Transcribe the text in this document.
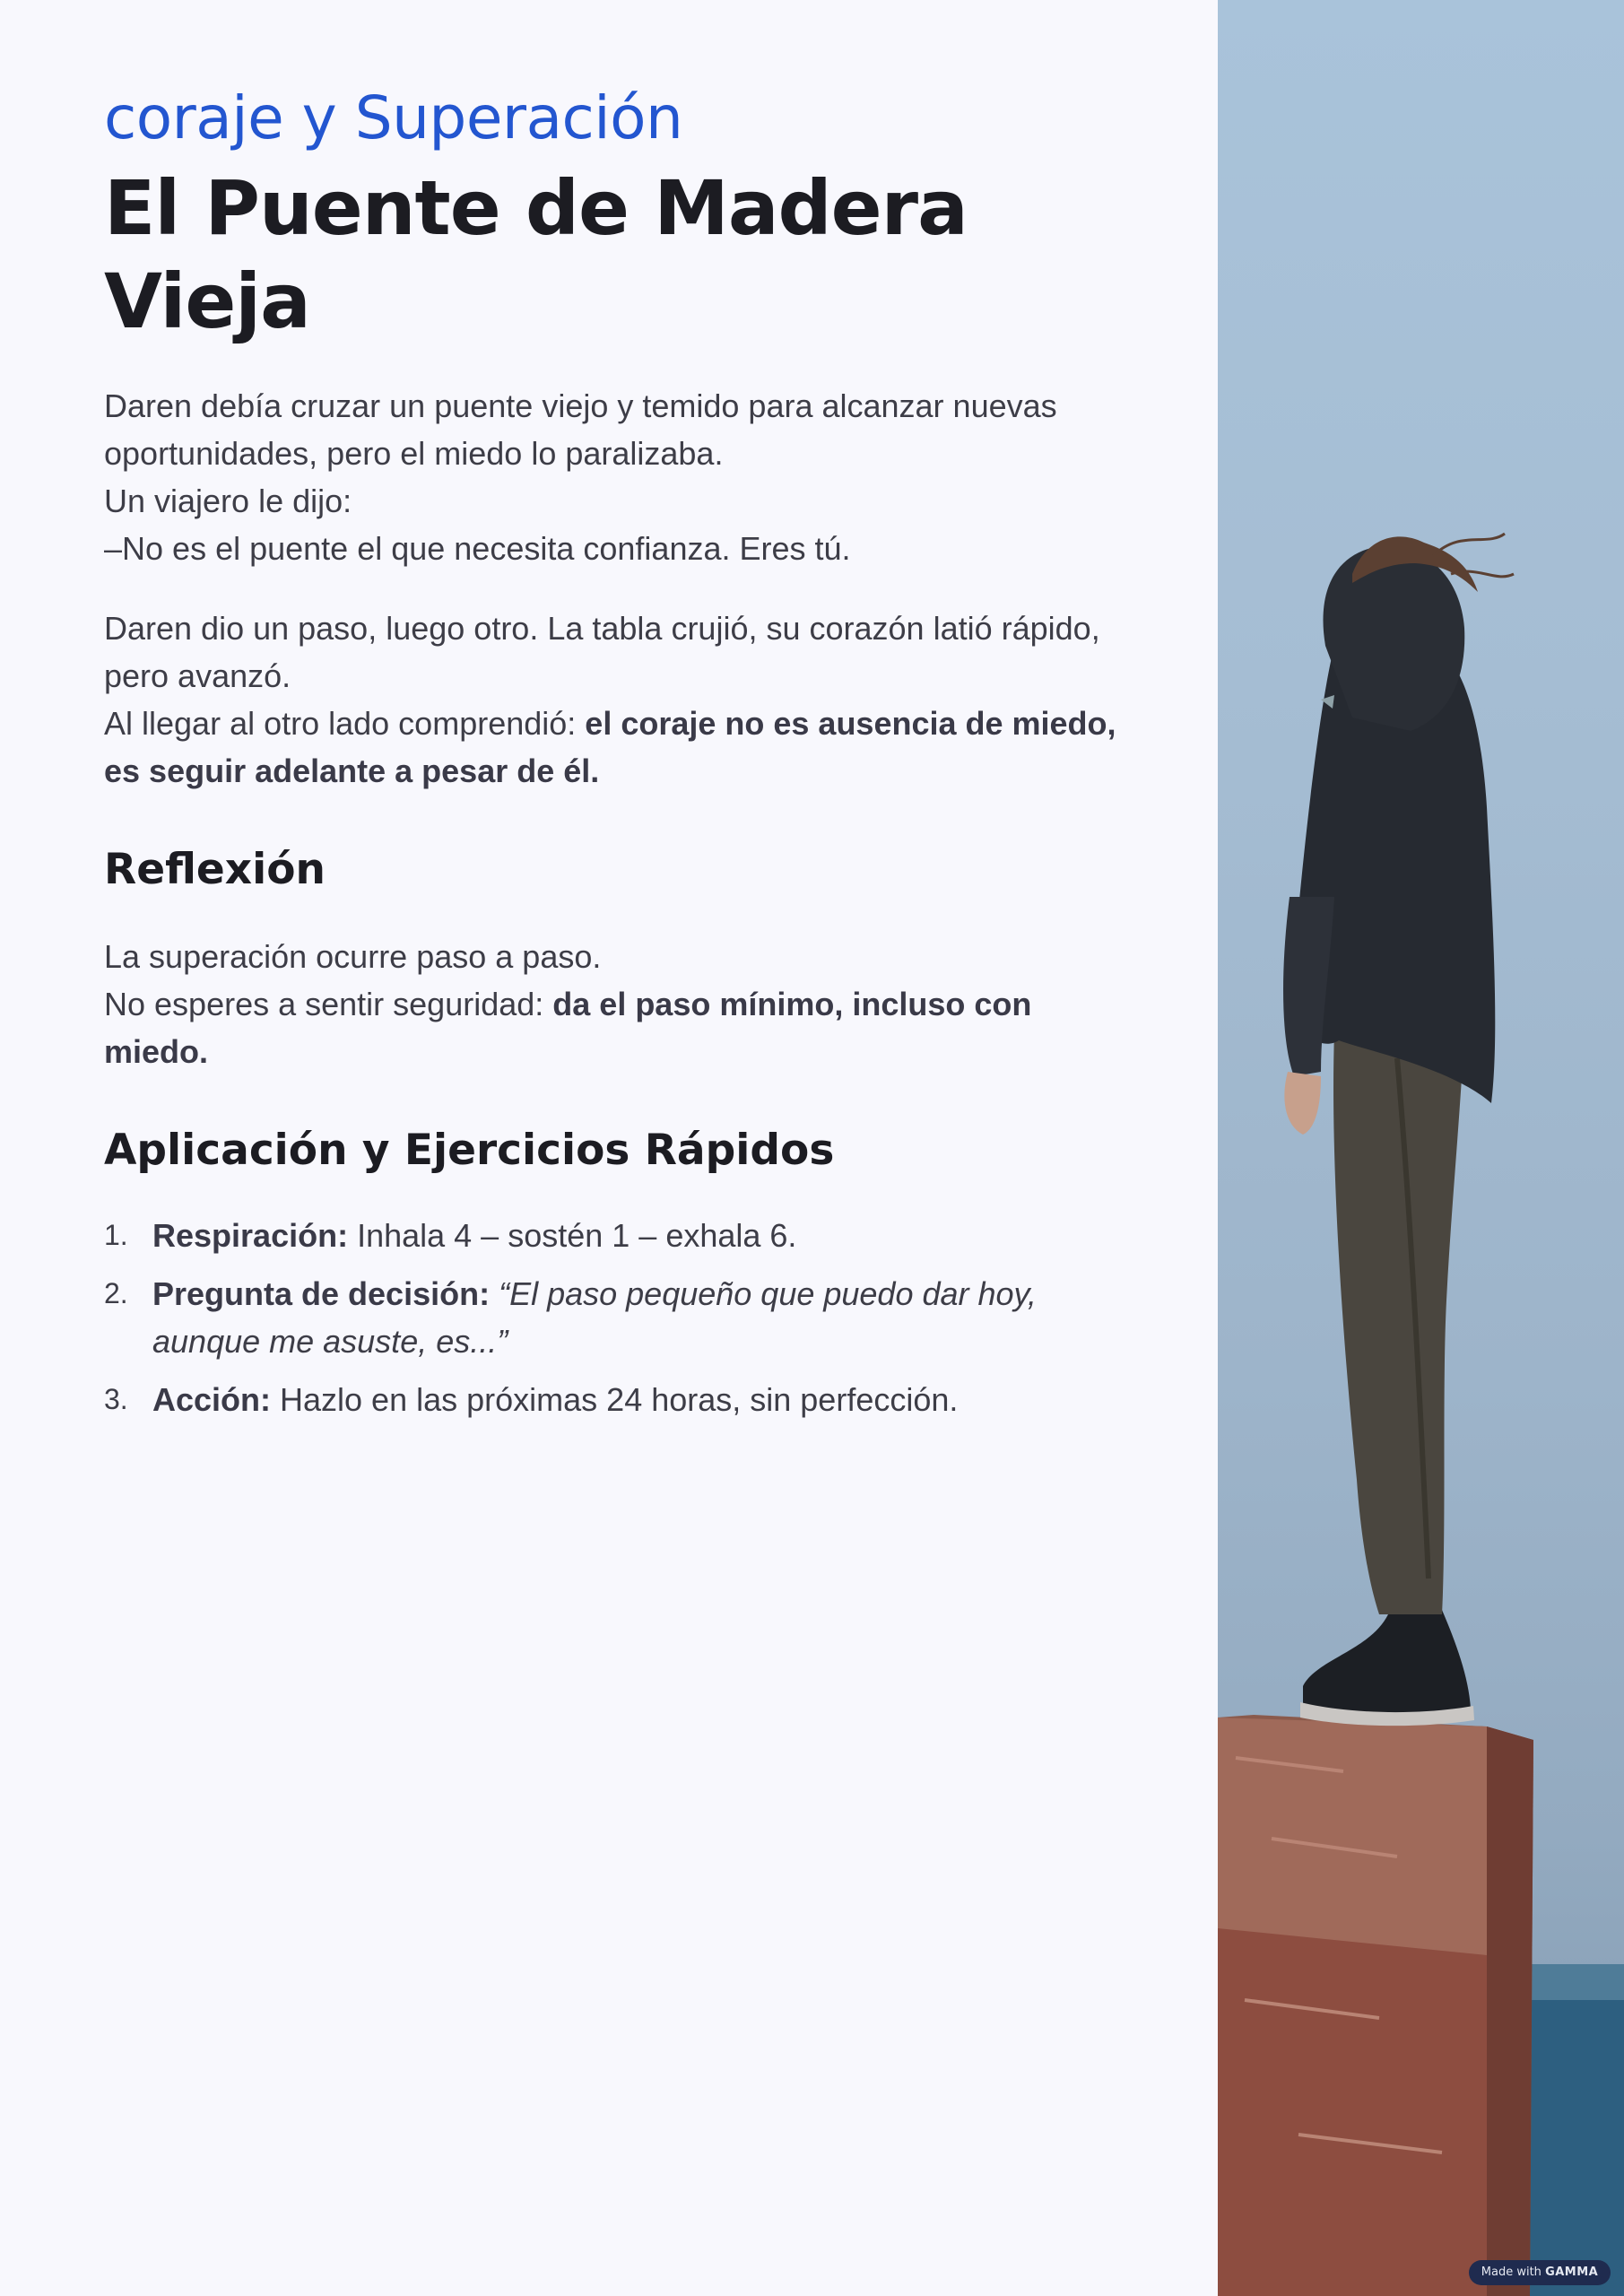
coraje y Superación
El Puente de Madera Vieja

Daren debía cruzar un puente viejo y temido para alcanzar nuevas
oportunidades, pero el miedo lo paralizaba.
Un viajero le dijo:
–No es el puente el que necesita confianza. Eres tú.

Daren dio un paso, luego otro. La tabla crujió, su corazón latió rápido,
pero avanzó.
Al llegar al otro lado comprendió: el coraje no es ausencia de miedo,
es seguir adelante a pesar de él.

Reflexión

La superación ocurre paso a paso.
No esperes a sentir seguridad: da el paso mínimo, incluso con
miedo.

Aplicación y Ejercicios Rápidos
1. Respiración: Inhala 4 – sostén 1 – exhala 6.
2. Pregunta de decisión: “El paso pequeño que puedo dar hoy,
aunque me asuste, es...”
3. Acción: Hazlo en las próximas 24 horas, sin perfección.
Made with GAMMA
